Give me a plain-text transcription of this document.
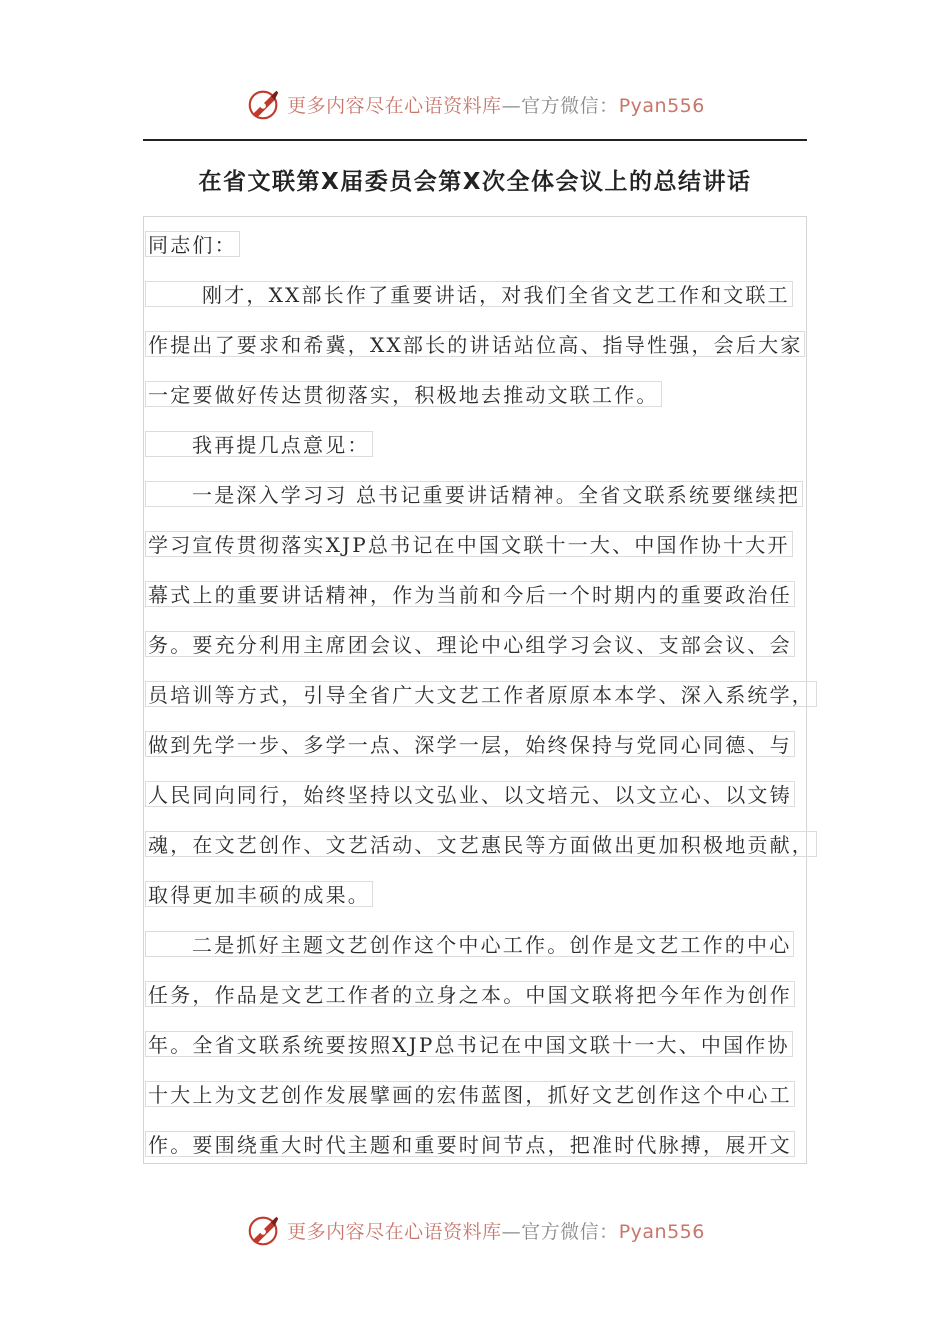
更多内容尽在心语资料库—官方微信：Pyan556
在省文联第X届委员会第X次全体会议上的总结讲话
同志们：
刚才，XX部长作了重要讲话，对我们全省文艺工作和文联工
作提出了要求和希冀，XX部长的讲话站位高、指导性强，会后大家
一定要做好传达贯彻落实，积极地去推动文联工作。
我再提几点意见：
一是深入学习习 总书记重要讲话精神。全省文联系统要继续把
学习宣传贯彻落实XJP总书记在中国文联十一大、中国作协十大开
幕式上的重要讲话精神，作为当前和今后一个时期内的重要政治任
务。要充分利用主席团会议、理论中心组学习会议、支部会议、会
员培训等方式，引导全省广大文艺工作者原原本本学、深入系统学，
做到先学一步、多学一点、深学一层，始终保持与党同心同德、与
人民同向同行，始终坚持以文弘业、以文培元、以文立心、以文铸
魂，在文艺创作、文艺活动、文艺惠民等方面做出更加积极地贡献，
取得更加丰硕的成果。
二是抓好主题文艺创作这个中心工作。创作是文艺工作的中心
任务，作品是文艺工作者的立身之本。中国文联将把今年作为创作
年。全省文联系统要按照XJP总书记在中国文联十一大、中国作协
十大上为文艺创作发展擘画的宏伟蓝图，抓好文艺创作这个中心工
作。要围绕重大时代主题和重要时间节点，把准时代脉搏，展开文
更多内容尽在心语资料库—官方微信：Pyan556
